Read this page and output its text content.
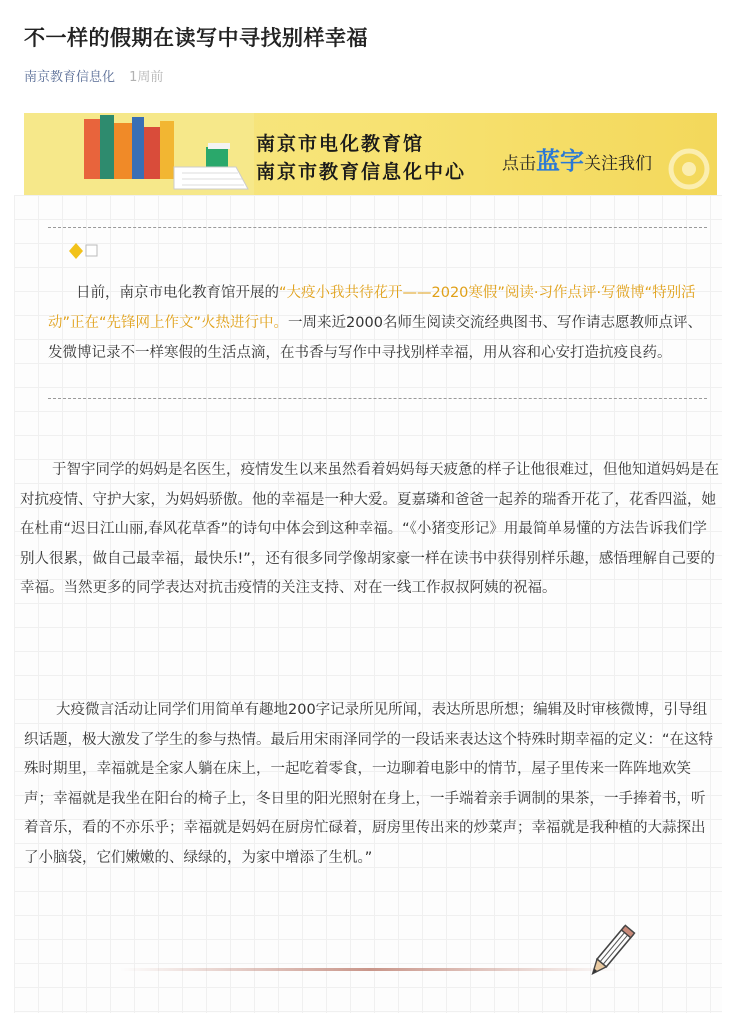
不一样的假期在读写中寻找别样幸福
南京教育信息化 1周前
南京市电化教育馆
南京市教育信息化中心 点击蓝字关注我们
日前，南京市电化教育馆开展的“大疫小我共待花开——2020寒假”阅读·习作点评·写微博“特别活动”正在“先锋网上作文”火热进行中。一周来近2000名师生阅读交流经典图书、写作请志愿教师点评、发微博记录不一样寒假的生活点滴，在书香与写作中寻找别样幸福，用从容和心安打造抗疫良药。
于智宇同学的妈妈是名医生，疫情发生以来虽然看着妈妈每天疲惫的样子让他很难过，但他知道妈妈是在对抗疫情、守护大家，为妈妈骄傲。他的幸福是一种大爱。夏嘉璘和爸爸一起养的瑞香开花了，花香四溢，她在杜甫“迟日江山丽,春风花草香”的诗句中体会到这种幸福。“《小猪变形记》用最简单易懂的方法告诉我们学别人很累，做自己最幸福，最快乐!”，还有很多同学像胡家豪一样在读书中获得别样乐趣，感悟理解自己要的幸福。当然更多的同学表达对抗击疫情的关注支持、对在一线工作叔叔阿姨的祝福。
大疫微言活动让同学们用简单有趣地200字记录所见所闻，表达所思所想；编辑及时审核微博，引导组织话题，极大激发了学生的参与热情。最后用宋雨泽同学的一段话来表达这个特殊时期幸福的定义：“在这特殊时期里，幸福就是全家人躺在床上，一起吃着零食，一边聊着电影中的情节，屋子里传来一阵阵地欢笑声；幸福就是我坐在阳台的椅子上，冬日里的阳光照射在身上，一手端着亲手调制的果茶，一手捧着书，听着音乐，看的不亦乐乎；幸福就是妈妈在厨房忙碌着，厨房里传出来的炒菜声；幸福就是我种植的大蒜探出了小脑袋，它们嫩嫩的、绿绿的，为家中增添了生机。”
